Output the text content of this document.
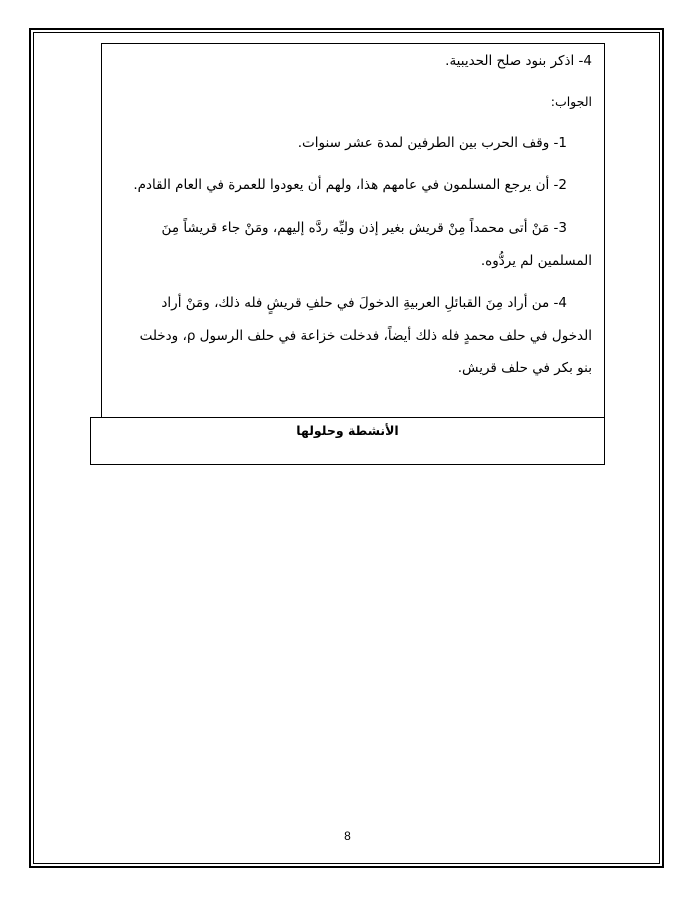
4- اذكر بنود صلح الحديبية.
الجواب:
1- وقف الحرب بين الطرفين لمدة عشر سنوات.
2- أن يرجع المسلمون في عامهم هذا، ولهم أن يعودوا للعمرة في العام القادم.
3- مَنْ أتى محمداً مِنْ قريش بغير إذن وليِّه ردَّه إليهم، ومَنْ جاء قريشاً مِنَ
المسلمين لم يردُّوه.
4- من أراد مِنَ القبائلِ العربيةِ الدخولَ في حلفِ قريشٍ فله ذلك، ومَنْ أراد
الدخول في حلف محمدٍ فله ذلك أيضاً، فدخلت خزاعة في حلف الرسول ρ، ودخلت
بنو بكر في حلف قريش.
الأنشطة وحلولها
8
